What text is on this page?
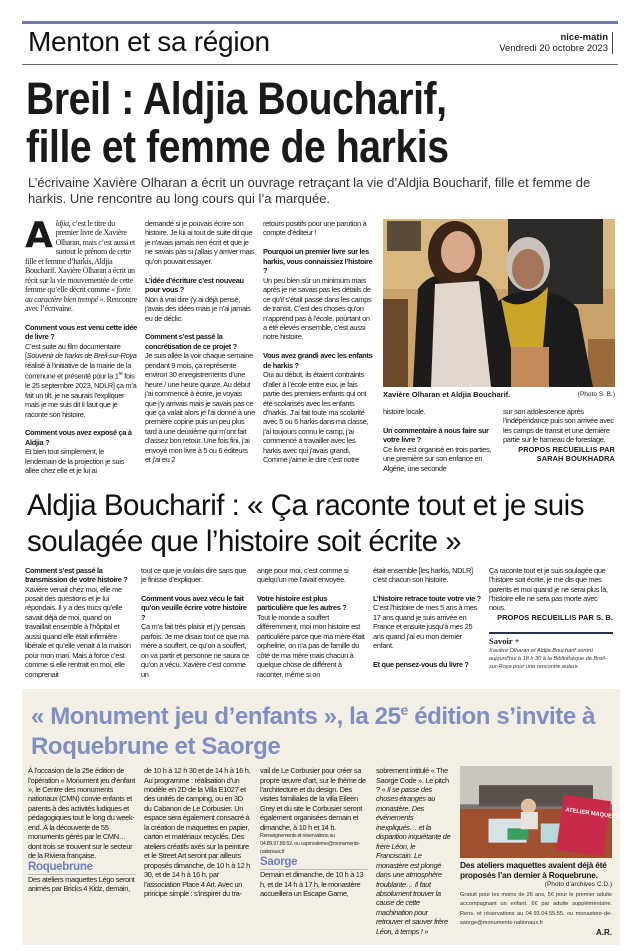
Menton et sa région	nice-matin
Vendredi 20 octobre 2023
Breil : Aldjia Boucharif,
fille et femme de harkis
L’écrivaine Xavière Olharan a écrit un ouvrage retraçant la vie d’Aldjia Boucharif, fille et femme de harkis. Une rencontre au long cours qui l’a marquée.

Aldjia, c’est le titre du premier livre de Xavière Olharan, mais c’est aussi et surtout le prénom de cette fille et femme d’harkis, Aldjia Boucharif. Xavière Olharan a écrit un récit sur la vie mouvementée de cette femme qu’elle décrit comme « forte au caractère bien trempé ». Rencontre avec l’écrivaine.

Comment vous est venu cette idée de livre ?

C’est suite au film documentaire [Souvenir de harkis de Breil-sur-Roya réalisé à l’initiative de la mairie de la commune et présenté pour la 1re fois le 25 septembre 2023, NDLR] ça m’a fait un tilt, je ne saurais l’expliquer mais je me suis dit il faut que je raconte son histoire.

Comment vous avez exposé ça à Aldjia ?

Et bien tout simplement, le lendemain de la projection je suis allée chez elle et je lui ai

demandé si je pouvais écrire son histoire. Je lui ai tout de suite dit que je n’avais jamais rien écrit et que je ne savais pas si j’allais y arriver mais qu’on pouvait essayer.

L’idée d’écriture c’est nouveau pour vous ?

Non à vrai dire j’y ai déjà pensé, j’avais des idées mais je n’ai jamais eu de déclic.

Comment s’est passé la concrétisation de ce projet ?

Je suis allée la voir chaque semaine pendant 9 mois, ça représente environ 30 enregistrements d’une heure / une heure quinze. Au début j’ai commencé à écrire, je voyais que j’y arrivais mais je savais pas ce que ça valait alors je l’ai donné à une première copine puis un peu plus tard à une deuxième qui m’ont fait d’assez bon retour. Une fois fini, j’ai envoyé mon livre à 5 ou 6 éditeurs et j’ai eu 2

retours positifs pour une parution à compte d’éditeur !

Pourquoi un premier livre sur les harkis, vous connaissiez l’histoire ?

Un peu bien sûr un minimum mais après je ne savais pas les détails de ce qu’il s’était passé dans les camps de transit. C’est des choses qu’on n’apprend pas à l’école, pourtant on a été élevés ensemble, c’est aussi notre histoire.

Vous avez grandi avec les enfants de harkis ?

Oui au début, ils étaient contraints d’aller à l’école entre eux, je fais partie des premiers enfants qui ont été scolarisés avec les enfants d’harkis. J’ai fait toute ma scolarité avec 5 ou 6 harkis dans ma classe, j’ai toujours connu le camp, j’ai commencé à travailler avec les harkis avec qui j’avais grandi. Comme j’aime le dire c’est notre

Xavière Olharan et Aldjia Boucharif.	(Photo S. B.)

histoire locale.

Un commentaire à nous faire sur votre livre ?

Ce livre est organisé en trois parties, une première sur son enfance en Algérie, une seconde

sur son adolescence après l’indépendance puis son arrivée avec les camps de transit et une dernière partie sur le hameau de forestage.

PROPOS RECUEILLIS PAR

SARAH BOUKHADRA

Aldjia Boucharif : « Ça raconte tout et je suis soulagée que l’histoire soit écrite »

Comment s’est passé la transmission de votre histoire ?

Xavière venait chez moi, elle me posait des questions et je lui répondais. Il y a des trucs qu’elle savait déjà de moi, quand on travaillait ensemble à l’hôpital et aussi quand elle était infirmière libérale et qu’elle venait à la maison pour mon mari. Mais à force c’est comme si elle rentrait en moi, elle comprenait

tout ce que je voulais dire sans que je finisse d’expliquer.

Comment vous avez vécu le fait qu’on veuille écrire votre histoire ?

Ça m’a fait très plaisir et j’y pensais parfois. Je me disais tout ce que ma mère a souffert, ce qu’on a souffert, on va partir et personne ne saura ce qu’on a vécu. Xavière c’est comme un

ange pour moi, c’est comme si quelqu’un me l’avait envoyée.

Votre histoire est plus particulière que les autres ?

Tout le monde a souffert différemment, moi mon histoire est particulière parce que ma mère était orpheline, on n’a pas de famille du côté de ma mère mais chacun à quelque chose de différent à raconter, même si on

était ensemble [les harkis, NDLR] c’est chacun son histoire.

L’histoire retrace toute votre vie ?

C’est l’histoire de mes 5 ans à mes 17 ans quand je suis arrivée en France et ensuite jusqu’à mes 25 ans quand j’ai eu mon dernier enfant.

Et que pensez-vous du livre ?

Ça raconte tout et je suis soulagée que l’histoire soit écrite, je me dis que mes parents et moi quand je ne serai plus là, l’histoire elle ne sera pas morte avec nous.

PROPOS RECUEILLIS PAR S. B.

Savoir +
Xavière Olharan et Aldjia Boucharif seront aujourd’hui à 18 h 30 à la Bibliothèque de Breil-sur-Roya pour une rencontre auteur.
« Monument jeu d’enfants », la 25e édition s’invite à Roquebrune et Saorge

À l’occasion de la 25e édition de l’opération « Monument jeu d’enfant », le Centre des monuments nationaux (CMN) convie enfants et parents à des activités ludiques et pédagogiques tout le long du week-end. À la découverte de 55 monuments gérés par le CMN… dont trois se trouvent sur le secteur de la Riviera française.

Roquebrune

Des ateliers maquettes Légo seront animés par Bricks 4 Kidz, demain,

de 10 h à 12 h 30 et de 14 h à 16 h. Au programme : réalisation d’un modèle en 2D de la Villa E1027 et des unités de camping, ou en 3D du Cabanon de Le Corbusier. Un espace sera également consacré à la création de maquettes en papier, carton et matériaux recyclés. Des ateliers créatifs axés sur la peinture et le Street Art seront par ailleurs proposés dimanche, de 10 h à 12 h 30, et de 14 h à 16 h, par l’association Place 4 Art. Avec un principe simple : s’inspirer du tra-

vail de Le Corbusier pour créer sa propre œuvre d’art, sur le thème de l’architecture et du design. Des visites familiales de la villa Eileen Grey et du site le Corbusier seront également organisées demain et dimanche, à 10 h et 14 h.

Renseignements et réservations au 04.89.97.89.52. ou capmoderne@monuments-nationaux.fr

Saorge

Demain et dimanche, de 10 h à 13 h, et de 14 h à 17 h, le monastère accueillera un Escape Game,

sobrement intitulé « The Saorge Code ». Le pitch ? « Il se passe des choses étranges au monastère. Des événements inexpliqués… et la disparition inquiétante de frère Léon, le Franciscain. Le monastère est plongé dans une atmosphère troublante… Il faut absolument trouver la cause de cette machination pour retrouver et sauver frère Léon, à temps ! »

ATELIER MAQUETTE
Des ateliers maquettes avaient déjà été proposés l’an dernier à Roquebrune.
(Photo d’archives C.D.)
Gratuit pour les moins de 26 ans, 5€ pour le premier adulte accompagnant un enfant. 6€ par adulte supplémentaire. Rens. et réservations au 04.93.04.55.55. ou monastere-de-saorge@monuments-nationaux.fr
A.R.
